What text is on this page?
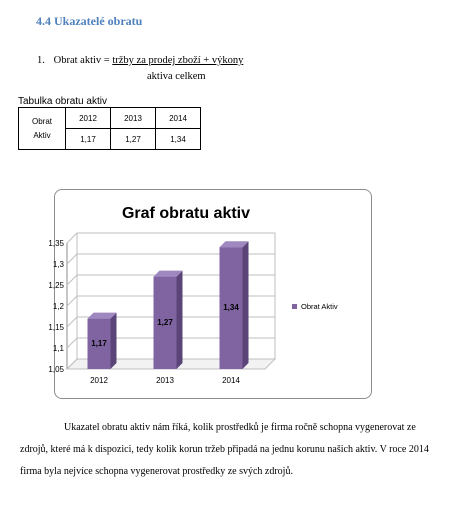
4.4 Ukazatelé obratu
1. Obrat aktiv = tržby za prodej zboží + výkony
aktiva celkem
Tabulka obratu aktiv
Obrat
Aktiv	2012	2013	2014
	1,17	1,27	1,34
Graf obratu aktiv
1,05
1,1
1,15
1,2
1,25
1,3
1,35
1,17
2012
1,27
2013
1,34
2014
Obrat Aktiv

Ukazatel obratu aktiv nám říká, kolik prostředků je firma ročně schopna vygenerovat ze zdrojů, které má k dispozici, tedy kolik korun tržeb připadá na jednu korunu našich aktiv. V roce 2014 firma byla nejvíce schopna vygenerovat prostředky ze svých zdrojů.
